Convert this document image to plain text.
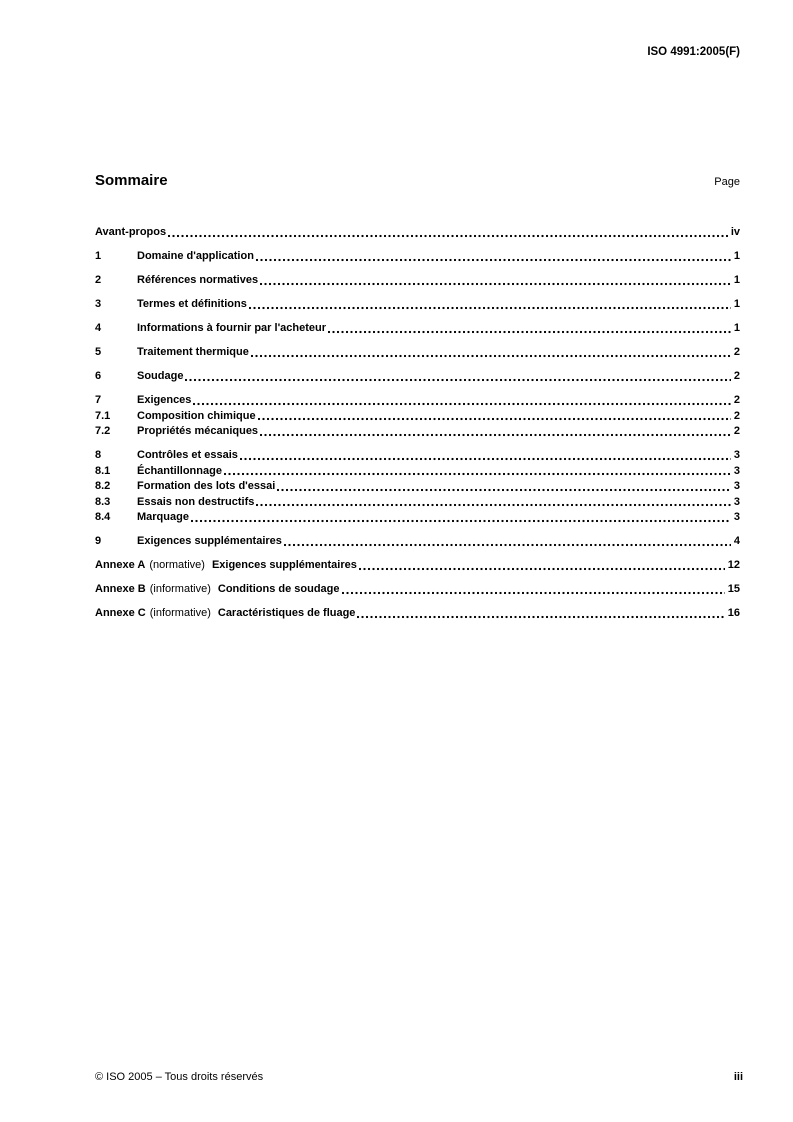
ISO 4991:2005(F)
Sommaire	Page
Avant-propos	iv
1	Domaine d'application	1
2	Références normatives	1
3	Termes et définitions	1
4	Informations à fournir par l'acheteur	1
5	Traitement thermique	2
6	Soudage	2
7	Exigences	2
7.1	Composition chimique	2
7.2	Propriétés mécaniques	2
8	Contrôles et essais	3
8.1	Échantillonnage	3
8.2	Formation des lots d'essai	3
8.3	Essais non destructifs	3
8.4	Marquage	3
9	Exigences supplémentaires	4
Annexe A (normative) Exigences supplémentaires	12
Annexe B (informative) Conditions de soudage	15
Annexe C (informative) Caractéristiques de fluage	16
© ISO 2005 – Tous droits réservés	iii
